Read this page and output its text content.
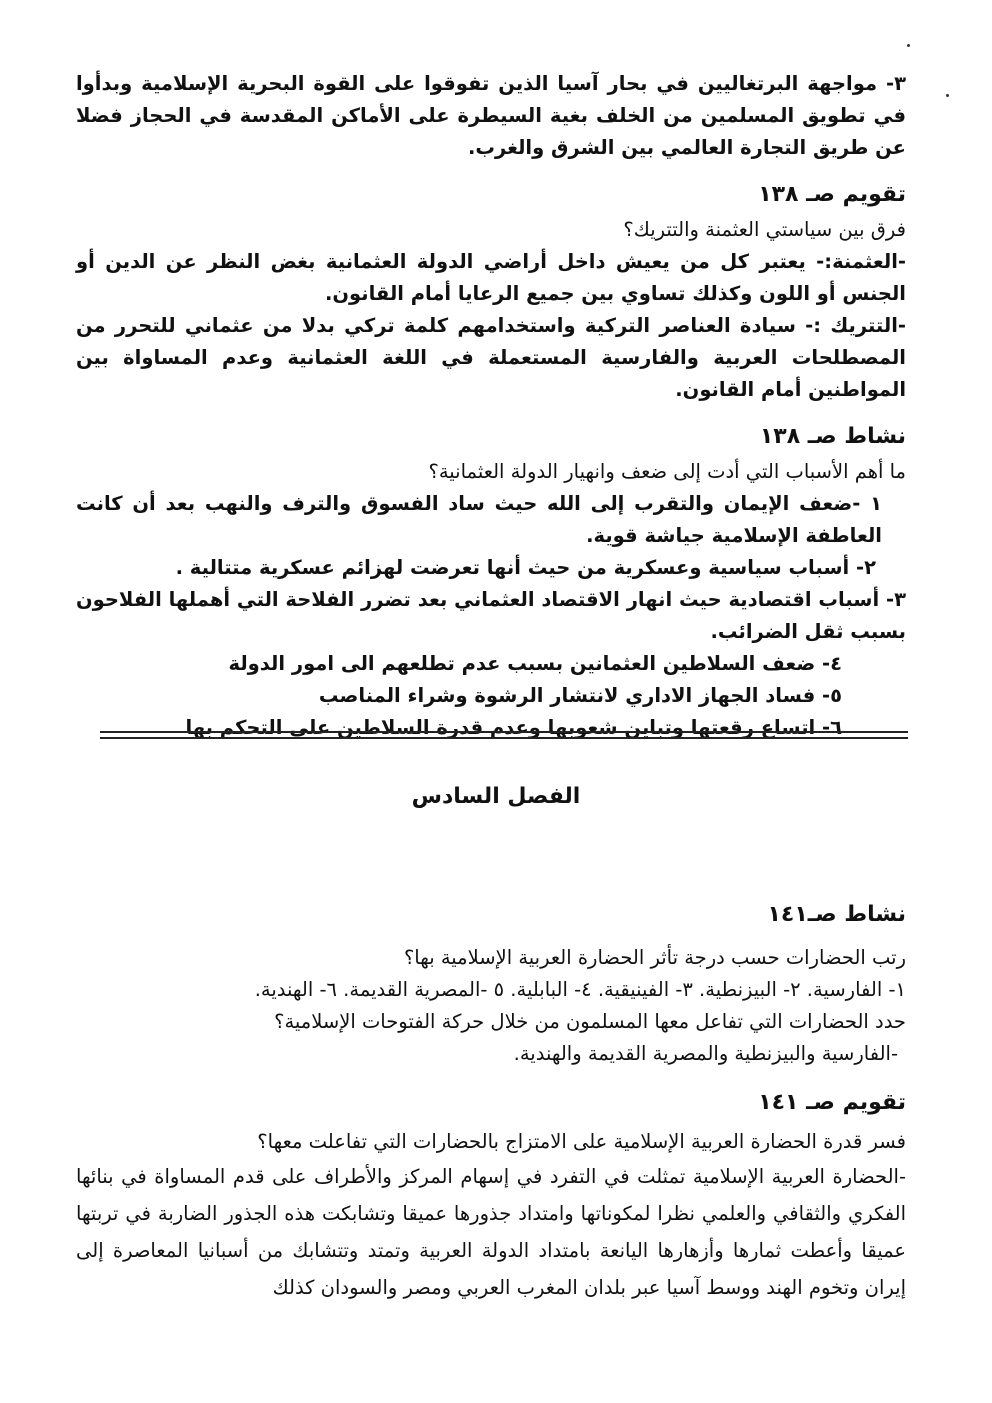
٣- مواجهة البرتغاليين في بحار آسيا الذين تفوقوا على القوة البحرية الإسلامية وبدأوا في تطويق المسلمين من الخلف بغية السيطرة على الأماكن المقدسة في الحجاز فضلا عن طريق التجارة العالمي بين الشرق والغرب.

تقويم صـ ١٣٨

فرق بين سياستي العثمنة والتتريك؟

-العثمنة:- يعتبر كل من يعيش داخل أراضي الدولة العثمانية بغض النظر عن الدين أو الجنس أو اللون وكذلك تساوي بين جميع الرعايا أمام القانون.

-التتريك :- سيادة العناصر التركية واستخدامهم كلمة تركي بدلا من عثماني للتحرر من المصطلحات العربية والفارسية المستعملة في اللغة العثمانية وعدم المساواة بين المواطنين أمام القانون.

نشاط صـ ١٣٨

ما أهم الأسباب التي أدت إلى ضعف وانهيار الدولة العثمانية؟

١ -ضعف الإيمان والتقرب إلى الله حيث ساد الفسوق والترف والنهب بعد أن كانت العاطفة الإسلامية جياشة قوية.

٢- أسباب سياسية وعسكرية من حيث أنها تعرضت لهزائم عسكرية متتالية .

٣- أسباب اقتصادية حيث انهار الاقتصاد العثماني بعد تضرر الفلاحة التي أهملها الفلاحون بسبب ثقل الضرائب.

٤- ضعف السلاطين العثمانين بسبب عدم تطلعهم الى امور الدولة

٥- فساد الجهاز الاداري لانتشار الرشوة وشراء المناصب

٦- اتساع رقعتها وتباين شعوبها وعدم قدرة السلاطين على التحكم بها

الفصل السادس
نشاط صـ١٤١

رتب الحضارات حسب درجة تأثر الحضارة العربية الإسلامية بها؟

١- الفارسية. ٢- البيزنطية. ٣- الفينيقية. ٤- البابلية. ٥ -المصرية القديمة. ٦- الهندية.

حدد الحضارات التي تفاعل معها المسلمون من خلال حركة الفتوحات الإسلامية؟

-الفارسية والبيزنطية والمصرية القديمة والهندية.

تقويم صـ ١٤١

فسر قدرة الحضارة العربية الإسلامية على الامتزاج بالحضارات التي تفاعلت معها؟

-الحضارة العربية الإسلامية تمثلت في التفرد في إسهام المركز والأطراف على قدم المساواة في بنائها الفكري والثقافي والعلمي نظرا لمكوناتها وامتداد جذورها عميقا وتشابكت هذه الجذور الضاربة في تربتها عميقا وأعطت ثمارها وأزهارها اليانعة بامتداد الدولة العربية وتمتد وتتشابك من أسبانيا المعاصرة إلى إيران وتخوم الهند ووسط آسيا عبر بلدان المغرب العربي ومصر والسودان كذلك
